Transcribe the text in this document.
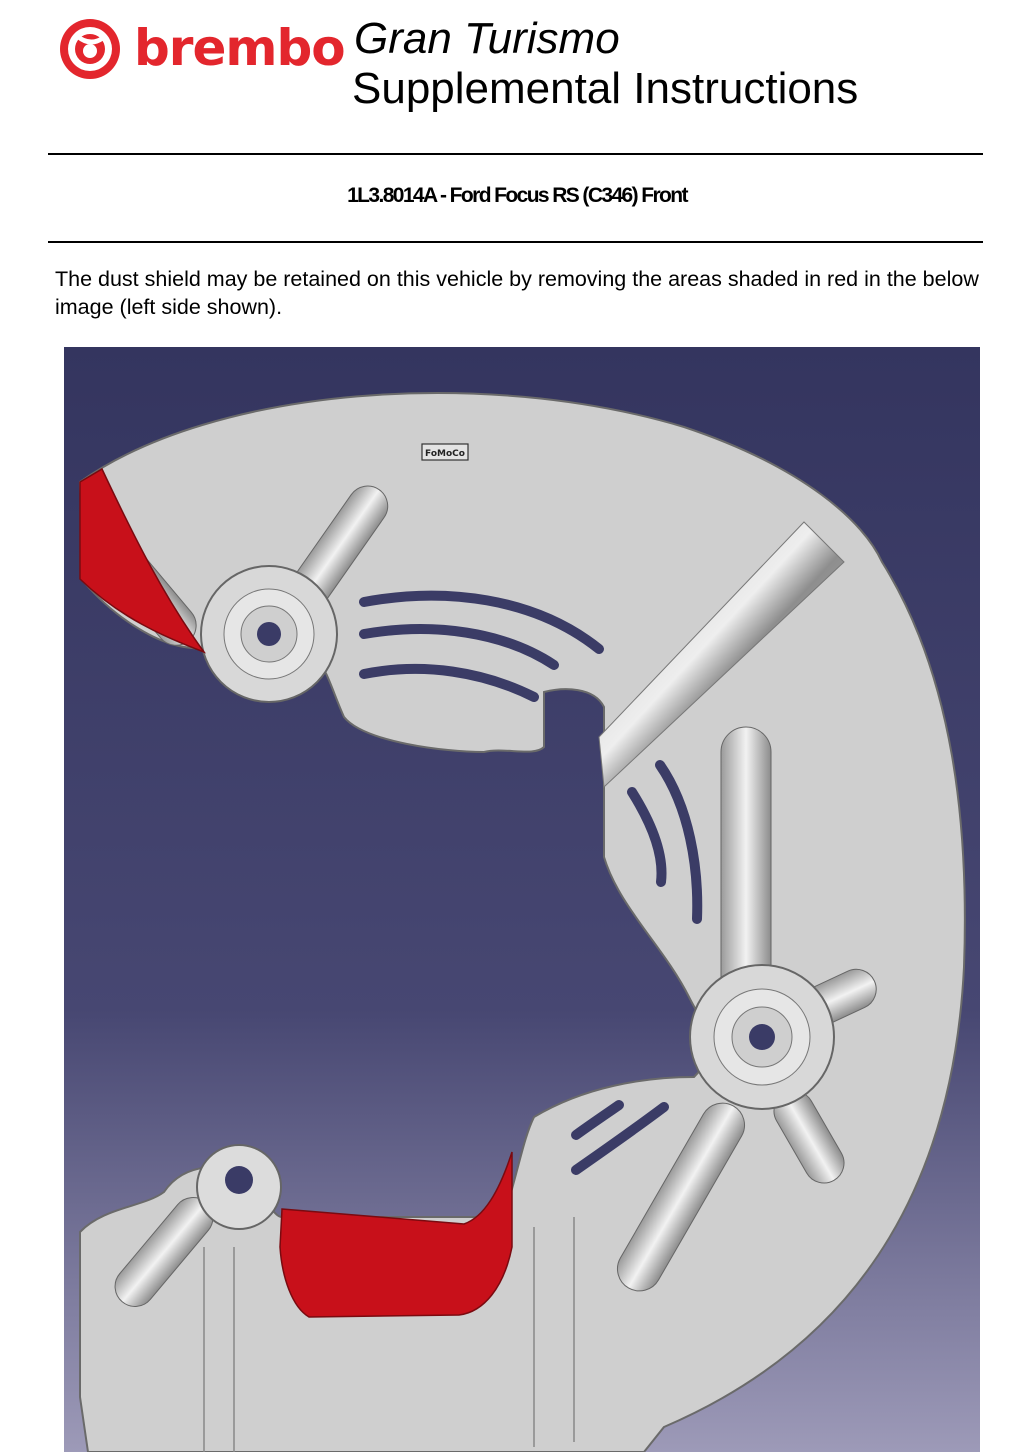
brembo Gran Turismo
Supplemental Instructions
1L3.8014A - Ford Focus RS (C346) Front
The dust shield may be retained on this vehicle by removing the areas shaded in red in the below image (left side shown).
FoMoCo
